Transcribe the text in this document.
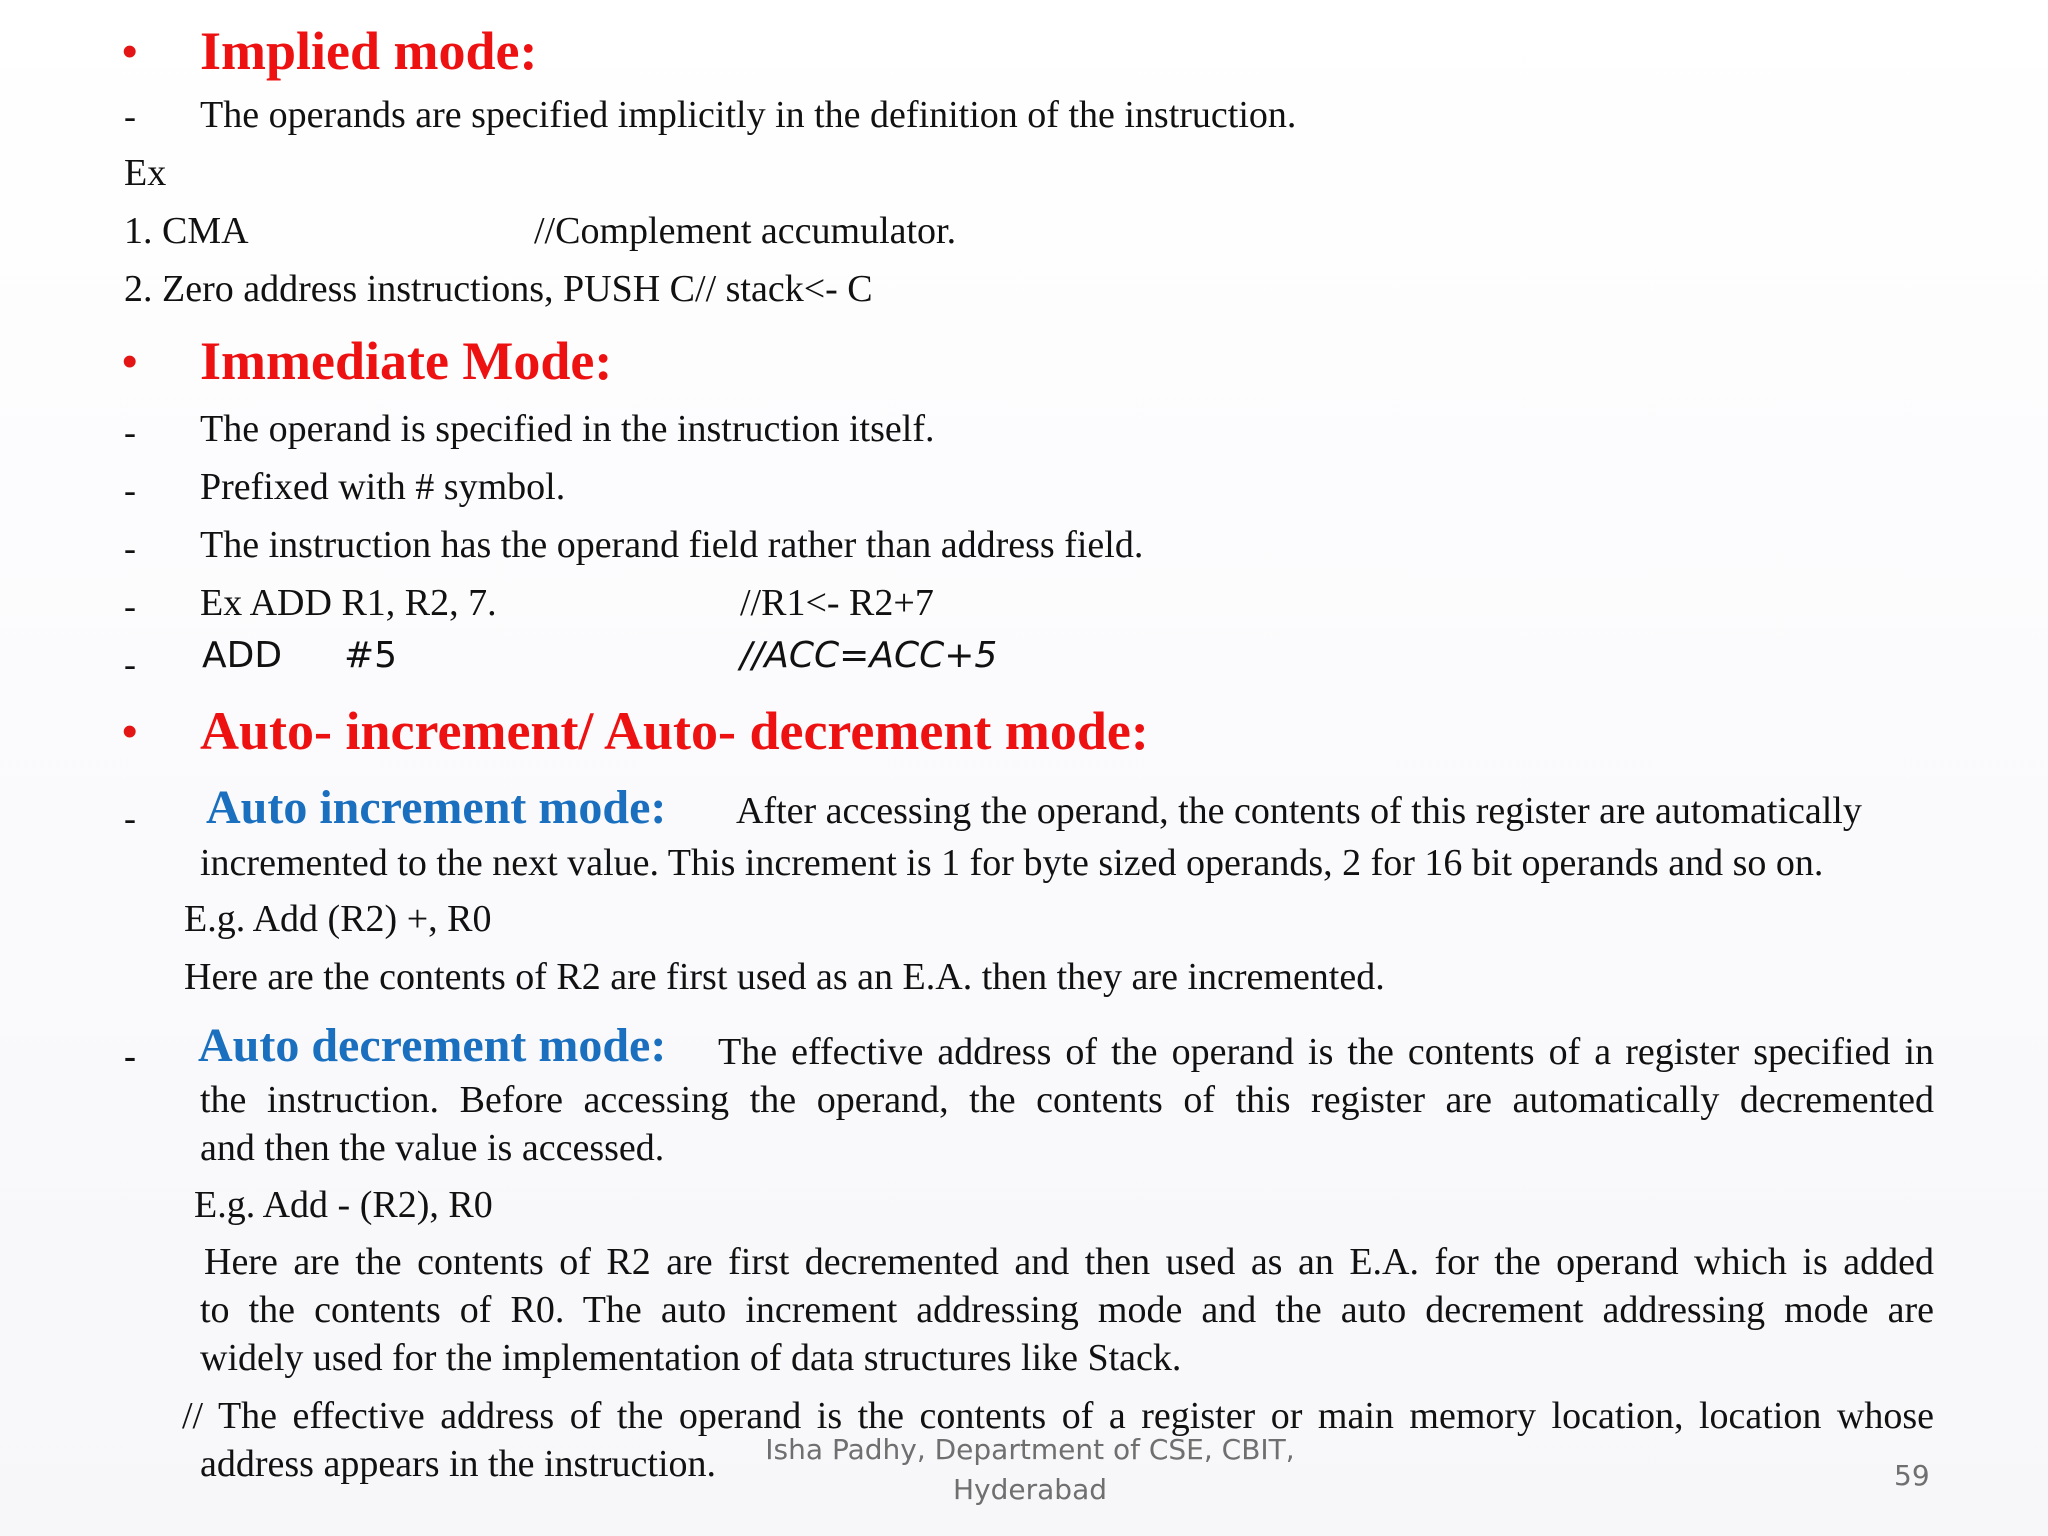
• Implied mode:
- The operands are specified implicitly in the definition of the instruction.
Ex
1. CMA	//Complement accumulator.
2. Zero address instructions, PUSH C// stack<- C
• Immediate Mode:
- The operand is specified in the instruction itself.
- Prefixed with # symbol.
- The instruction has the operand field rather than address field.
- Ex ADD R1, R2, 7.	//R1<- R2+7
- ADD #5	//ACC=ACC+5
• Auto- increment/ Auto- decrement mode:
- Auto increment mode: After accessing the operand, the contents of this register are automatically
incremented to the next value. This increment is 1 for byte sized operands, 2 for 16 bit operands and so on.
E.g. Add (R2) +, R0
Here are the contents of R2 are first used as an E.A. then they are incremented.
- Auto decrement mode: The effective address of the operand is the contents of a register specified in
the instruction. Before accessing the operand, the contents of this register are automatically decremented
and then the value is accessed.
E.g. Add - (R2), R0
Here are the contents of R2 are first decremented and then used as an E.A. for the operand which is added
to the contents of R0. The auto increment addressing mode and the auto decrement addressing mode are
widely used for the implementation of data structures like Stack.
// The effective address of the operand is the contents of a register or main memory location, location whose
address appears in the instruction.	Isha Padhy, Department of CSE, CBIT,
Hyderabad	59
